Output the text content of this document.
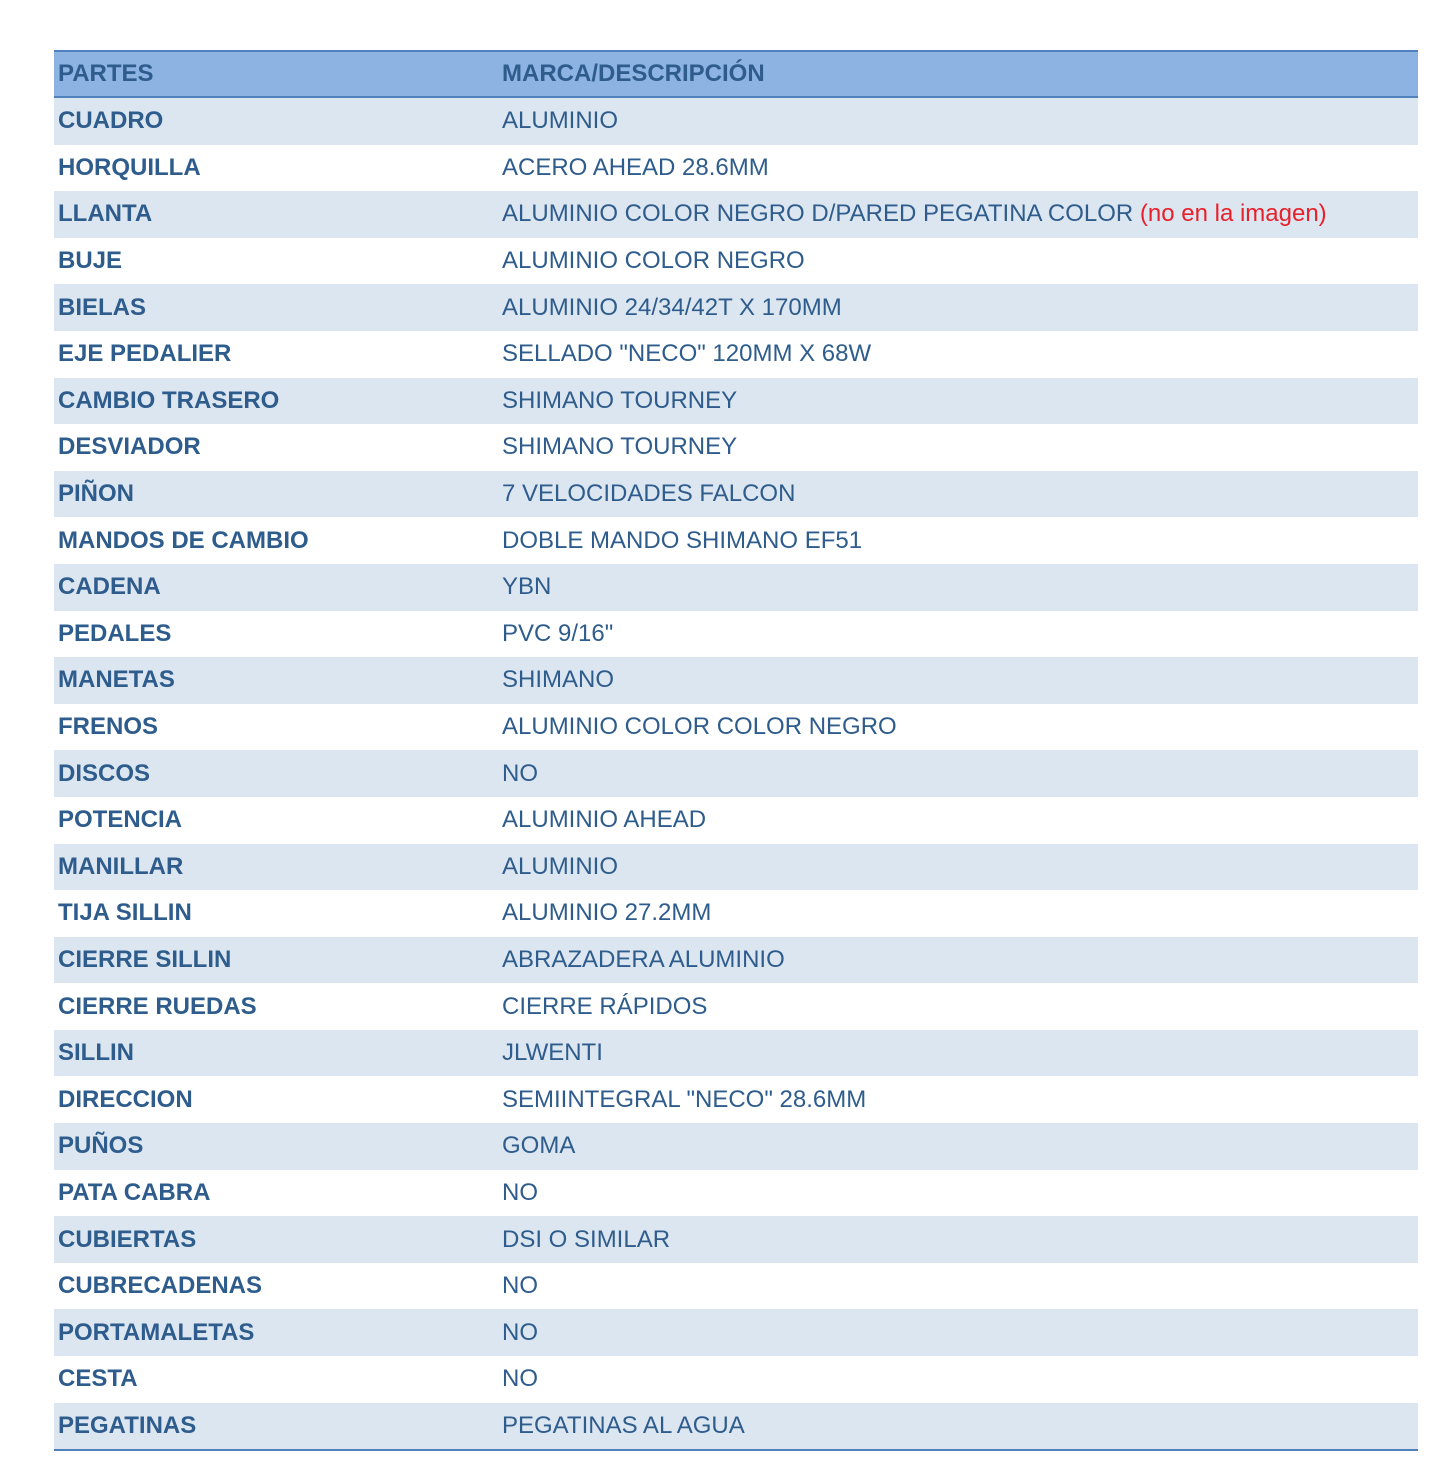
PARTES	MARCA/DESCRIPCIÓN
CUADRO	ALUMINIO
HORQUILLA	ACERO AHEAD 28.6MM
LLANTA	ALUMINIO COLOR NEGRO D/PARED PEGATINA COLOR (no en la imagen)
BUJE	ALUMINIO COLOR NEGRO
BIELAS	ALUMINIO 24/34/42T X 170MM
EJE PEDALIER	SELLADO "NECO" 120MM X 68W
CAMBIO TRASERO	SHIMANO TOURNEY
DESVIADOR	SHIMANO TOURNEY
PIÑON	7 VELOCIDADES FALCON
MANDOS DE CAMBIO	DOBLE MANDO SHIMANO EF51
CADENA	YBN
PEDALES	PVC 9/16"
MANETAS	SHIMANO
FRENOS	ALUMINIO COLOR COLOR NEGRO
DISCOS	NO
POTENCIA	ALUMINIO AHEAD
MANILLAR	ALUMINIO
TIJA SILLIN	ALUMINIO 27.2MM
CIERRE SILLIN	ABRAZADERA ALUMINIO
CIERRE RUEDAS	CIERRE RÁPIDOS
SILLIN	JLWENTI
DIRECCION	SEMIINTEGRAL "NECO" 28.6MM
PUÑOS	GOMA
PATA CABRA	NO
CUBIERTAS	DSI O SIMILAR
CUBRECADENAS	NO
PORTAMALETAS	NO
CESTA	NO
PEGATINAS	PEGATINAS AL AGUA
